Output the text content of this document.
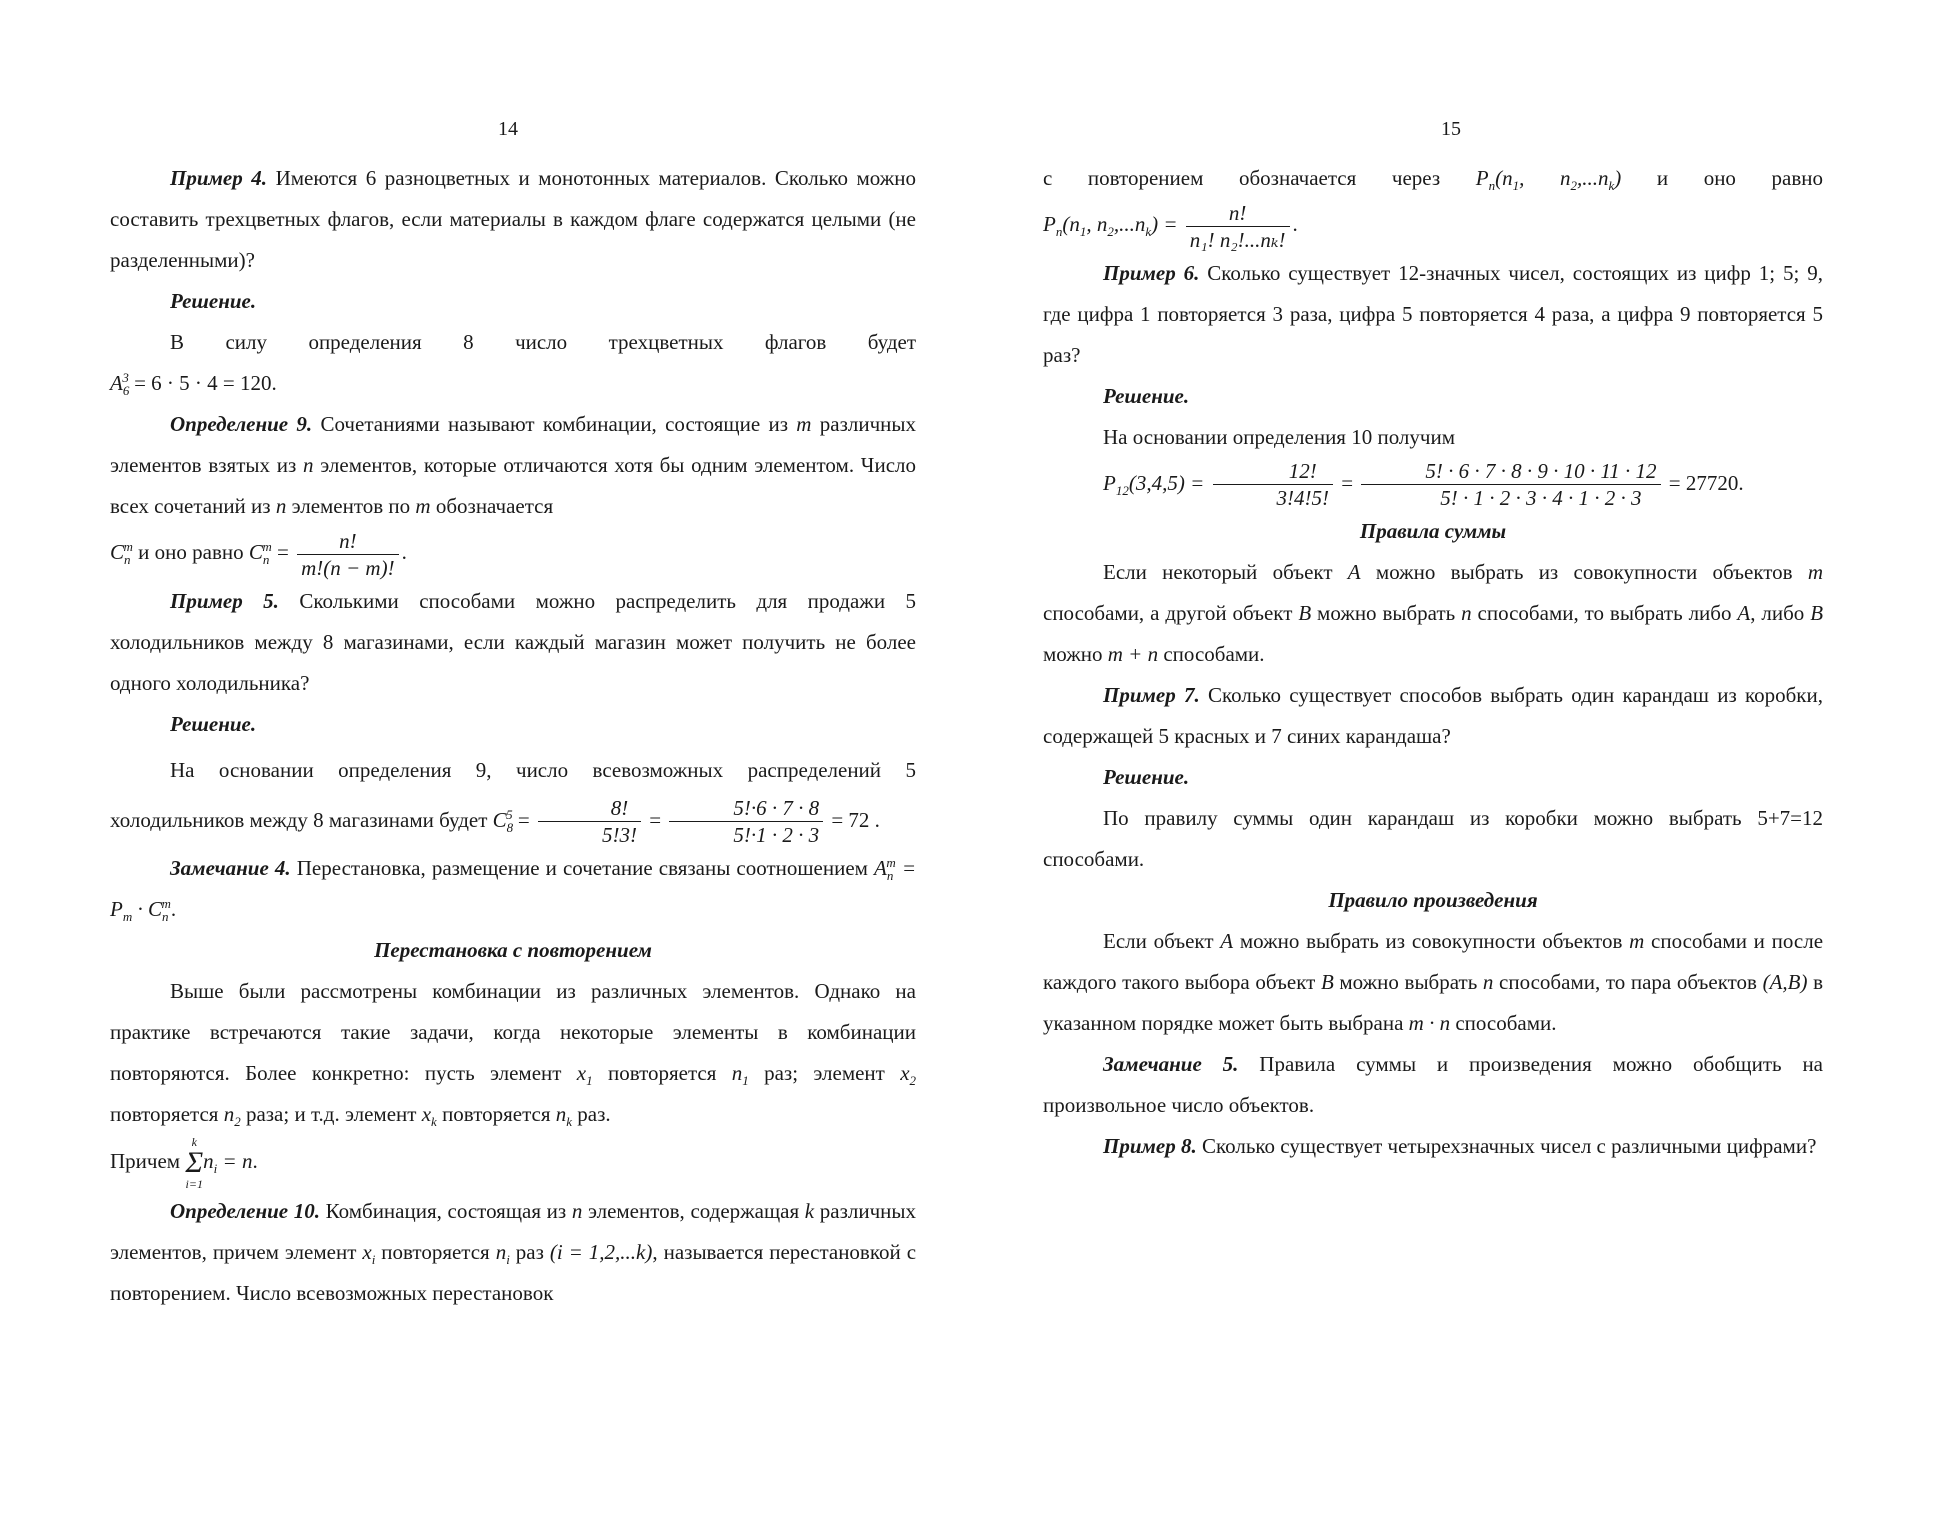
14

Пример 4. Имеются 6 разноцветных и монотонных материалов. Сколько можно составить трехцветных флагов, если материалы в каждом флаге содержатся целыми (не разделенными)?

Решение.

В силу определения 8 число трехцветных флагов будет

$A_6^3 = 6 \cdot 5 \cdot 4 = 120$.

Определение 9. Сочетаниями называют комбинации, состоящие из m различных элементов взятых из n элементов, которые отличаются хотя бы одним элементом. Число всех сочетаний из n элементов по m обозначается

$C_n^m$ и оно равно $C_n^m = \frac{n!}{m!(n - m)!}$ .

Пример 5. Сколькими способами можно распределить для продажи 5 холодильников между 8 магазинами, если каждый магазин может получить не более одного холодильника?

Решение.

На основании определения 9, число всевозможных распределений 5 холодильников между 8 магазинами будет $C_8^5 = \frac{8!}{5!3!} = \frac{5!\cdot 6 \cdot 7 \cdot 8}{5!\cdot 1 \cdot 2 \cdot 3} = 72$ .

Замечание 4. Перестановка, размещение и сочетание связаны соотношением $A_n^m = P_m \cdot C_n^m$.

Перестановка с повторением

Выше были рассмотрены комбинации из различных элементов. Однако на практике встречаются такие задачи, когда некоторые элементы в комбинации повторяются. Более конкретно: пусть элемент $x_1$ повторяется $n_1$ раз; элемент $x_2$ повторяется $n_2$ раза; и т.д. элемент $x_k$ повторяется $n_k$ раз.

Причем k
Σ
$i=1n_i = n$.

Определение 10. Комбинация, состоящая из n элементов, содержащая k различных элементов, причем элемент $x_i$ повторяется $n_i$ раз (i = 1,2,...k), называется перестановкой с повторением. Число всевозможных перестановок

15

с повторением обозначается через $P_n(n_1$, $n_2,...n_k$) и оно равно

$P_n(n_1$, $n_2,...n_k) = \frac{n!}{\text{n₁! n₂!...nₖ!}}$ .

Пример 6. Сколько существует 12-значных чисел, состоящих из цифр 1; 5; 9, где цифра 1 повторяется 3 раза, цифра 5 повторяется 4 раза, а цифра 9 повторяется 5 раз?

Решение.

На основании определения 10 получим

$P_{12}(3,4,5) = \frac{12!}{3!4!5!} = \frac{5! \cdot 6 \cdot 7 \cdot 8 \cdot 9 \cdot 10 \cdot 11 \cdot 12}{5! \cdot 1 \cdot 2 \cdot 3 \cdot 4 \cdot 1 \cdot 2 \cdot 3} = 27720$.

Правила суммы

Если некоторый объект A можно выбрать из совокупности объектов m способами, а другой объект B можно выбрать n способами, то выбрать либо A, либо B можно m + n способами.

Пример 7. Сколько существует способов выбрать один карандаш из коробки, содержащей 5 красных и 7 синих карандаша?

Решение.

По правилу суммы один карандаш из коробки можно выбрать 5+7=12 способами.

Правило произведения

Если объект A можно выбрать из совокупности объектов m способами и после каждого такого выбора объект B можно выбрать n способами, то пара объектов (A,B) в указанном порядке может быть выбрана m · n способами.

Замечание 5. Правила суммы и произведения можно обобщить на произвольное число объектов.

Пример 8. Сколько существует четырехзначных чисел с различными цифрами?
